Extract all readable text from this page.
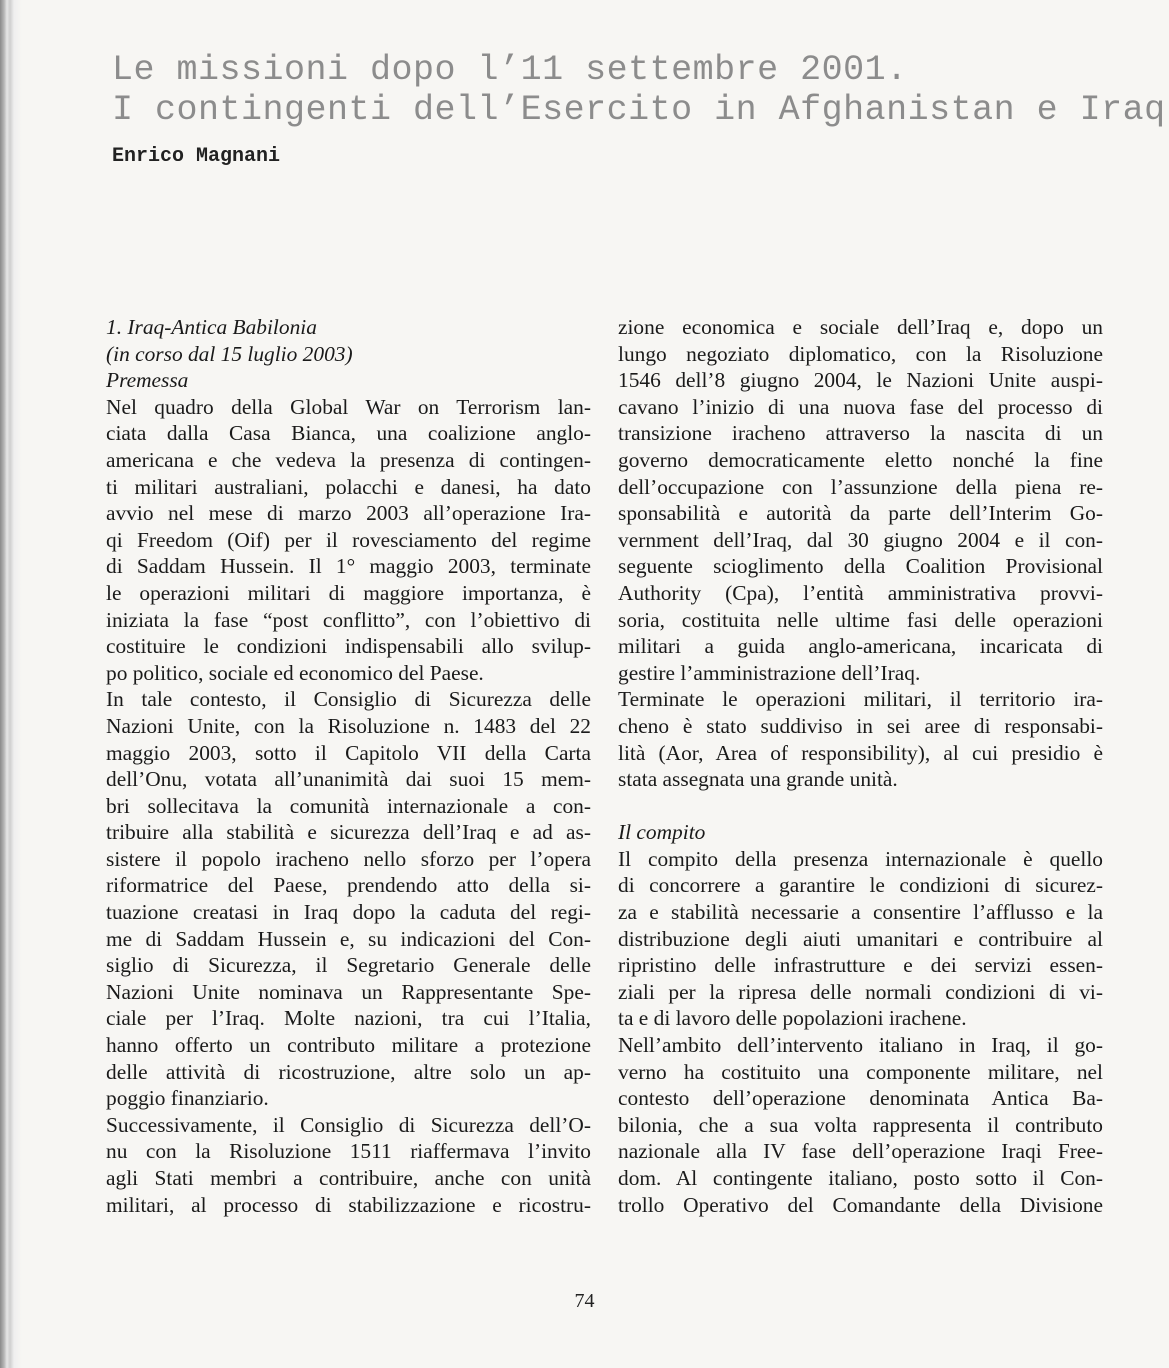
Le missioni dopo l’11 settembre 2001.
I contingenti dell’Esercito in Afghanistan e Iraq

Enrico Magnani

1. Iraq-Antica Babilonia
(in corso dal 15 luglio 2003)
Premessa
Nel quadro della Global War on Terrorism lan-
ciata dalla Casa Bianca, una coalizione anglo-
americana e che vedeva la presenza di contingen-
ti militari australiani, polacchi e danesi, ha dato
avvio nel mese di marzo 2003 all’operazione Ira-
qi Freedom (Oif) per il rovesciamento del regime
di Saddam Hussein. Il 1° maggio 2003, terminate
le operazioni militari di maggiore importanza, è
iniziata la fase “post conflitto”, con l’obiettivo di
costituire le condizioni indispensabili allo svilup-
po politico, sociale ed economico del Paese.
In tale contesto, il Consiglio di Sicurezza delle
Nazioni Unite, con la Risoluzione n. 1483 del 22
maggio 2003, sotto il Capitolo VII della Carta
dell’Onu, votata all’unanimità dai suoi 15 mem-
bri sollecitava la comunità internazionale a con-
tribuire alla stabilità e sicurezza dell’Iraq e ad as-
sistere il popolo iracheno nello sforzo per l’opera
riformatrice del Paese, prendendo atto della si-
tuazione creatasi in Iraq dopo la caduta del regi-
me di Saddam Hussein e, su indicazioni del Con-
siglio di Sicurezza, il Segretario Generale delle
Nazioni Unite nominava un Rappresentante Spe-
ciale per l’Iraq. Molte nazioni, tra cui l’Italia,
hanno offerto un contributo militare a protezione
delle attività di ricostruzione, altre solo un ap-
poggio finanziario.
Successivamente, il Consiglio di Sicurezza dell’O-
nu con la Risoluzione 1511 riaffermava l’invito
agli Stati membri a contribuire, anche con unità
militari, al processo di stabilizzazione e ricostru-
zione economica e sociale dell’Iraq e, dopo un
lungo negoziato diplomatico, con la Risoluzione
1546 dell’8 giugno 2004, le Nazioni Unite auspi-
cavano l’inizio di una nuova fase del processo di
transizione iracheno attraverso la nascita di un
governo democraticamente eletto nonché la fine
dell’occupazione con l’assunzione della piena re-
sponsabilità e autorità da parte dell’Interim Go-
vernment dell’Iraq, dal 30 giugno 2004 e il con-
seguente scioglimento della Coalition Provisional
Authority (Cpa), l’entità amministrativa provvi-
soria, costituita nelle ultime fasi delle operazioni
militari a guida anglo-americana, incaricata di
gestire l’amministrazione dell’Iraq.
Terminate le operazioni militari, il territorio ira-
cheno è stato suddiviso in sei aree di responsabi-
lità (Aor, Area of responsibility), al cui presidio è
stata assegnata una grande unità.
Il compito
Il compito della presenza internazionale è quello
di concorrere a garantire le condizioni di sicurez-
za e stabilità necessarie a consentire l’afflusso e la
distribuzione degli aiuti umanitari e contribuire al
ripristino delle infrastrutture e dei servizi essen-
ziali per la ripresa delle normali condizioni di vi-
ta e di lavoro delle popolazioni irachene.
Nell’ambito dell’intervento italiano in Iraq, il go-
verno ha costituito una componente militare, nel
contesto dell’operazione denominata Antica Ba-
bilonia, che a sua volta rappresenta il contributo
nazionale alla IV fase dell’operazione Iraqi Free-
dom. Al contingente italiano, posto sotto il Con-
trollo Operativo del Comandante della Divisione
74
